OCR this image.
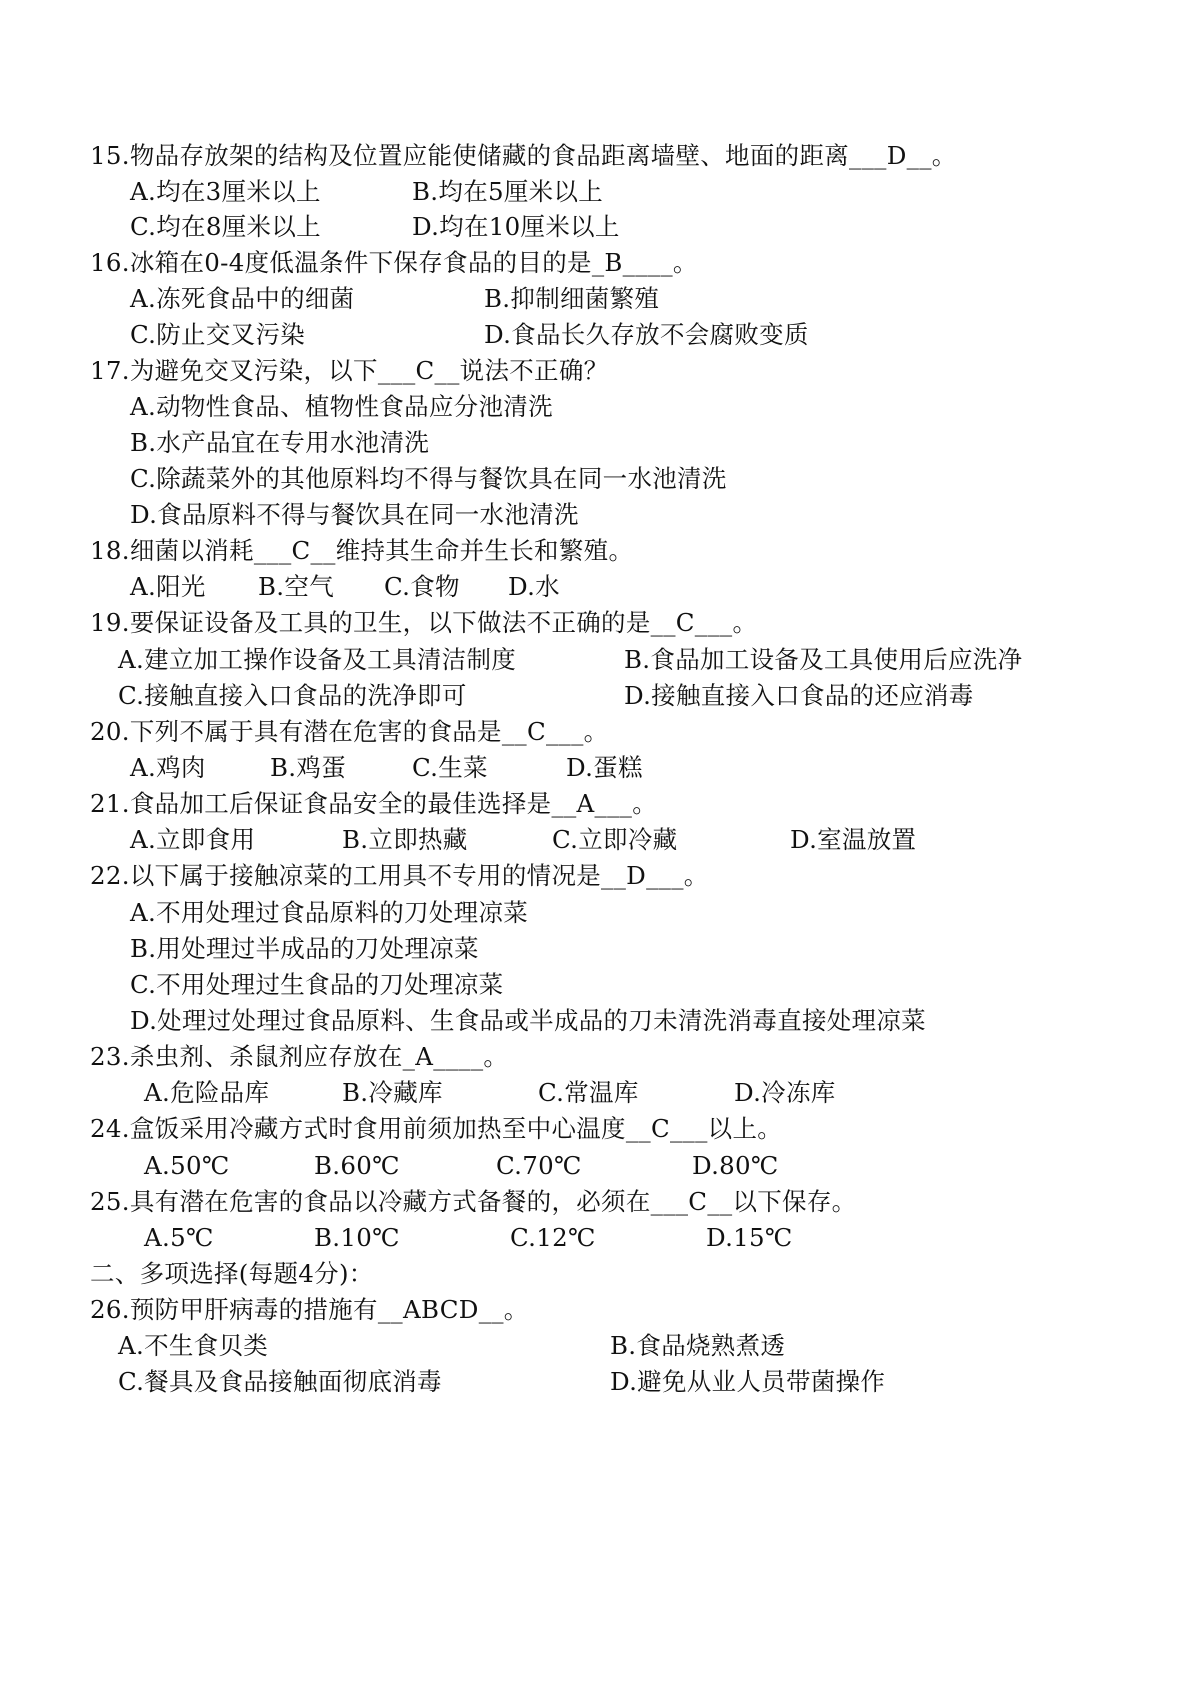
15.物品存放架的结构及位置应能使储藏的食品距离墙壁、地面的距离___D__。
A.均在3厘米以上	B.均在5厘米以上
C.均在8厘米以上	D.均在10厘米以上
16.冰箱在0-4度低温条件下保存食品的目的是_B____。
A.冻死食品中的细菌	B.抑制细菌繁殖
C.防止交叉污染	D.食品长久存放不会腐败变质
17.为避免交叉污染，以下___C__说法不正确？
A.动物性食品、植物性食品应分池清洗
B.水产品宜在专用水池清洗
C.除蔬菜外的其他原料均不得与餐饮具在同一水池清洗
D.食品原料不得与餐饮具在同一水池清洗
18.细菌以消耗___C__维持其生命并生长和繁殖。
A.阳光 B.空气 C.食物 D.水
19.要保证设备及工具的卫生，以下做法不正确的是__C___。
A.建立加工操作设备及工具清洁制度	B.食品加工设备及工具使用后应洗净
C.接触直接入口食品的洗净即可	D.接触直接入口食品的还应消毒
20.下列不属于具有潜在危害的食品是__C___。
A.鸡肉	B.鸡蛋	C.生菜	D.蛋糕
21.食品加工后保证食品安全的最佳选择是__A___。
A.立即食用	B.立即热藏	C.立即冷藏	D.室温放置
22.以下属于接触凉菜的工用具不专用的情况是__D___。
A.不用处理过食品原料的刀处理凉菜
B.用处理过半成品的刀处理凉菜
C.不用处理过生食品的刀处理凉菜
D.处理过处理过食品原料、生食品或半成品的刀未清洗消毒直接处理凉菜
23.杀虫剂、杀鼠剂应存放在_A____。
A.危险品库	B.冷藏库	C.常温库	D.冷冻库
24.盒饭采用冷藏方式时食用前须加热至中心温度__C___以上。
A.50℃	B.60℃	C.70℃	D.80℃
25.具有潜在危害的食品以冷藏方式备餐的，必须在___C__以下保存。
A.5℃	B.10℃	C.12℃	D.15℃
二、多项选择(每题4分)：
26.预防甲肝病毒的措施有__ABCD__。
A.不生食贝类	B.食品烧熟煮透
C.餐具及食品接触面彻底消毒	D.避免从业人员带菌操作
